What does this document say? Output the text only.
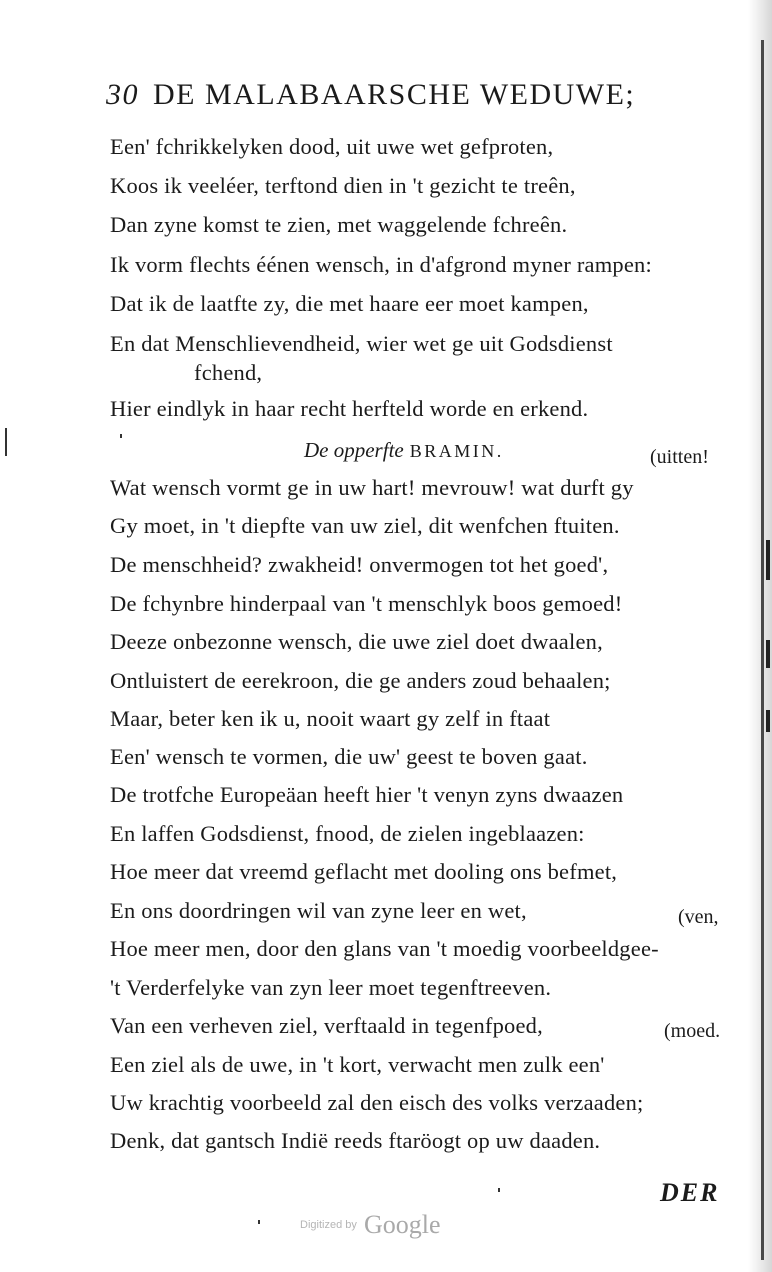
30 DE MALABAARSCHE WEDUWE;
Een' fchrikkelyken dood, uit uwe wet gefproten,
Koos ik veeléer, terftond dien in 't gezicht te treên,
Dan zyne komst te zien, met waggelende fchreên.
Ik vorm flechts éénen wensch, in d'afgrond myner rampen:
Dat ik de laatfte zy, die met haare eer moet kampen,
En dat Menschlievendheid, wier wet ge uit Godsdienst
fchend,
Hier eindlyk in haar recht herfteld worde en erkend.
De opperfte BRAMIN.	(uitten!
Wat wensch vormt ge in uw hart! mevrouw! wat durft gy
Gy moet, in 't diepfte van uw ziel, dit wenfchen ftuiten.
De menschheid? zwakheid! onvermogen tot het goed',
De fchynbre hinderpaal van 't menschlyk boos gemoed!
Deeze onbezonne wensch, die uwe ziel doet dwaalen,
Ontluistert de eerekroon, die ge anders zoud behaalen;
Maar, beter ken ik u, nooit waart gy zelf in ftaat
Een' wensch te vormen, die uw' geest te boven gaat.
De trotfche Europeäan heeft hier 't venyn zyns dwaazen
En laffen Godsdienst, fnood, de zielen ingeblaazen:
Hoe meer dat vreemd geflacht met dooling ons befmet,
En ons doordringen wil van zyne leer en wet,	(ven,
Hoe meer men, door den glans van 't moedig voorbeeldgee-
't Verderfelyke van zyn leer moet tegenftreeven.
Van een verheven ziel, verftaald in tegenfpoed,	(moed.
Een ziel als de uwe, in 't kort, verwacht men zulk een'
Uw krachtig voorbeeld zal den eisch des volks verzaaden;
Denk, dat gantsch Indië reeds ftaröogt op uw daaden.
DER
Digitized by Google
